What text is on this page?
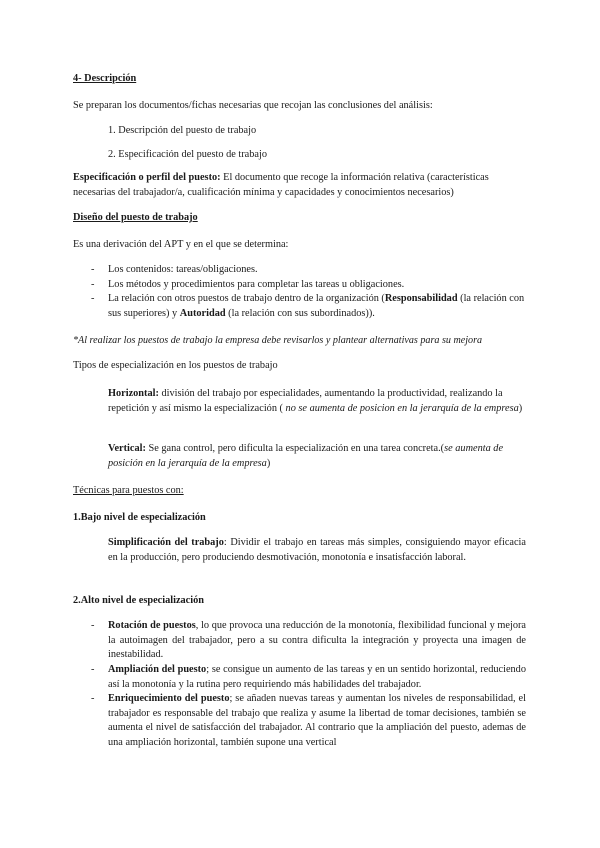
4- Descripción
Se preparan los documentos/fichas necesarias que recojan las conclusiones del análisis:
1. Descripción del puesto de trabajo
2. Especificación del puesto de trabajo
Especificación o perfil del puesto: El documento que recoge la información relativa (características necesarias del trabajador/a, cualificación mínima y capacidades y conocimientos necesarios)
Diseño del puesto de trabajo
Es una derivación del APT y en el que se determina:
-	Los contenidos: tareas/obligaciones.
-	Los métodos y procedimientos para completar las tareas u obligaciones.
-	La relación con otros puestos de trabajo dentro de la organización (Responsabilidad (la relación con sus superiores) y Autoridad (la relación con sus subordinados)).
*Al realizar los puestos de trabajo la empresa debe revisarlos y plantear alternativas para su mejora
Tipos de especialización en los puestos de trabajo
Horizontal: división del trabajo por especialidades, aumentando la productividad, realizando la repetición y así mismo la especialización ( no se aumenta de posicion en la jerarquía de la empresa)
Vertical: Se gana control, pero dificulta la especialización en una tarea concreta.(se aumenta de posición en la jerarquía de la empresa)
Técnicas para puestos con:
1.Bajo nivel de especialización
Simplificación del trabajo: Dividir el trabajo en tareas más simples, consiguiendo mayor eficacia en la producción, pero produciendo desmotivación, monotonía e insatisfacción laboral.
2.Alto nivel de especialización
-	Rotación de puestos, lo que provoca una reducción de la monotonía, flexibilidad funcional y mejora la autoimagen del trabajador, pero a su contra dificulta la integración y proyecta una imagen de inestabilidad.
-	Ampliación del puesto; se consigue un aumento de las tareas y en un sentido horizontal, reduciendo así la monotonía y la rutina pero requiriendo más habilidades del trabajador.
-	Enriquecimiento del puesto; se añaden nuevas tareas y aumentan los niveles de responsabilidad, el trabajador es responsable del trabajo que realiza y asume la libertad de tomar decisiones, también se aumenta el nivel de satisfacción del trabajador. Al contrario que la ampliación del puesto, ademas de una ampliación horizontal, también supone una vertical
